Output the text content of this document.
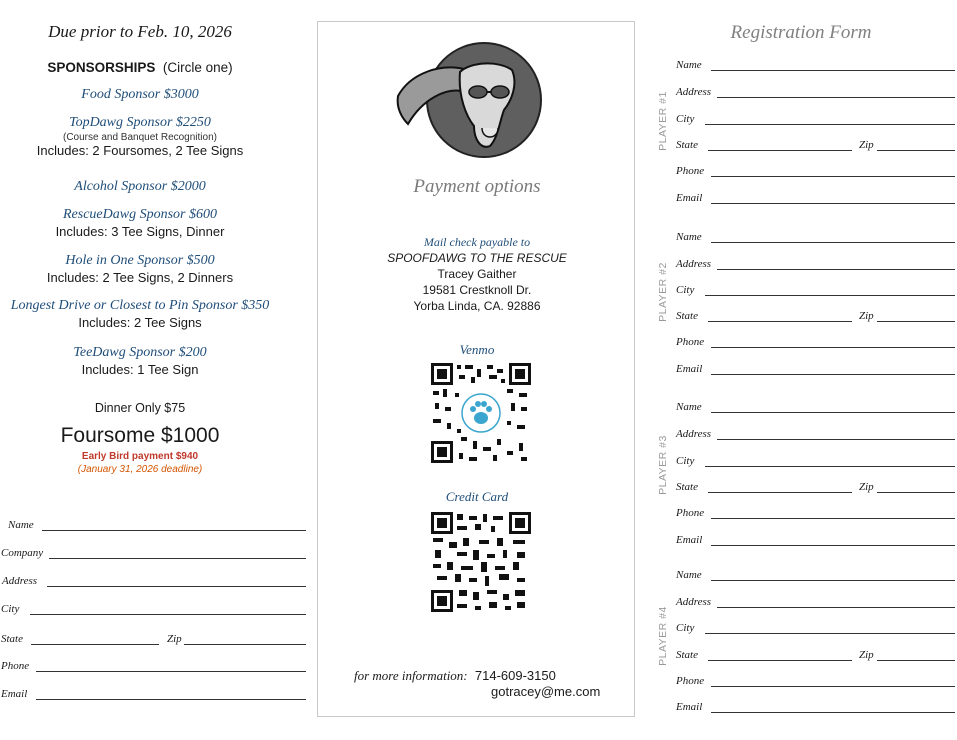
Due prior to Feb. 10, 2026
SPONSORSHIPS (Circle one)
Food Sponsor $3000
TopDawg Sponsor $2250
(Course and Banquet Recognition)
Includes: 2 Foursomes, 2 Tee Signs
Alcohol Sponsor $2000
RescueDawg Sponsor $600
Includes: 3 Tee Signs, Dinner
Hole in One Sponsor $500
Includes: 2 Tee Signs, 2 Dinners
Longest Drive or Closest to Pin Sponsor $350
Includes: 2 Tee Signs
TeeDawg Sponsor $200
Includes: 1 Tee Sign
Dinner Only $75
Foursome $1000
Early Bird payment $940
(January 31, 2026 deadline)
Name
Company
Address
City
State	Zip
Phone
Email
Payment options
Mail check payable to
SPOOFDAWG TO THE RESCUE
Tracey Gaither
19581 Crestknoll Dr.
Yorba Linda, CA. 92886
Venmo
Credit Card
for more information: 714-609-3150
gotracey@me.com
Registration Form
PLAYER #1
Name
Address
City
State	Zip
Phone
Email
PLAYER #2
Name
Address
City
State	Zip
Phone
Email
PLAYER #3
Name
Address
City
State	Zip
Phone
Email
PLAYER #4
Name
Address
City
State	Zip
Phone
Email
